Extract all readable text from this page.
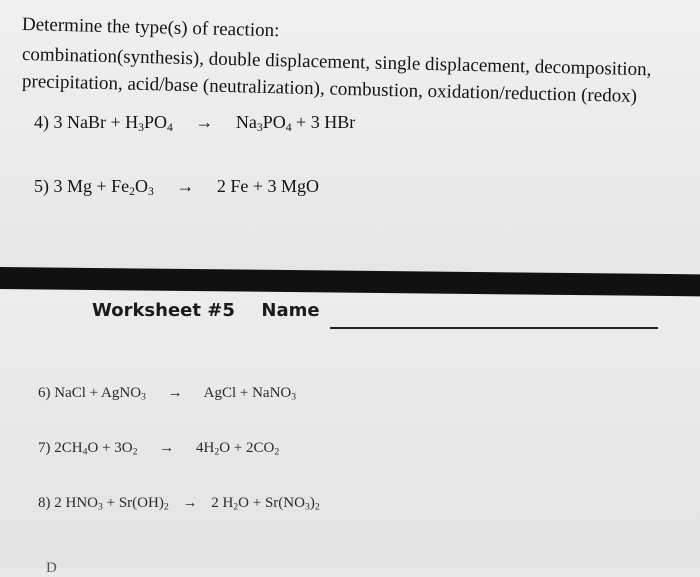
Determine the type(s) of reaction:
combination(synthesis), double displacement, single displacement, decomposition,
precipitation, acid/base (neutralization), combustion, oxidation/reduction (redox)
4) 3 NaBr + $H_3PO_4 \to Na_3PO_4 + 3$ HBr
5) 3 $Mg + Fe_2O_3 \to 2$ Fe + 3 MgO
Worksheet #5 Name
6) NaCl + AgNO$_3$ → AgCl + NaNO$_3$
7) $2CH_4O + 3O_2 \to 4H_2O + 2CO_2$
8) 2 $HNO_3 + Sr(OH)_2 \to 2$ $H_2O + Sr(NO_3)_2$
D
